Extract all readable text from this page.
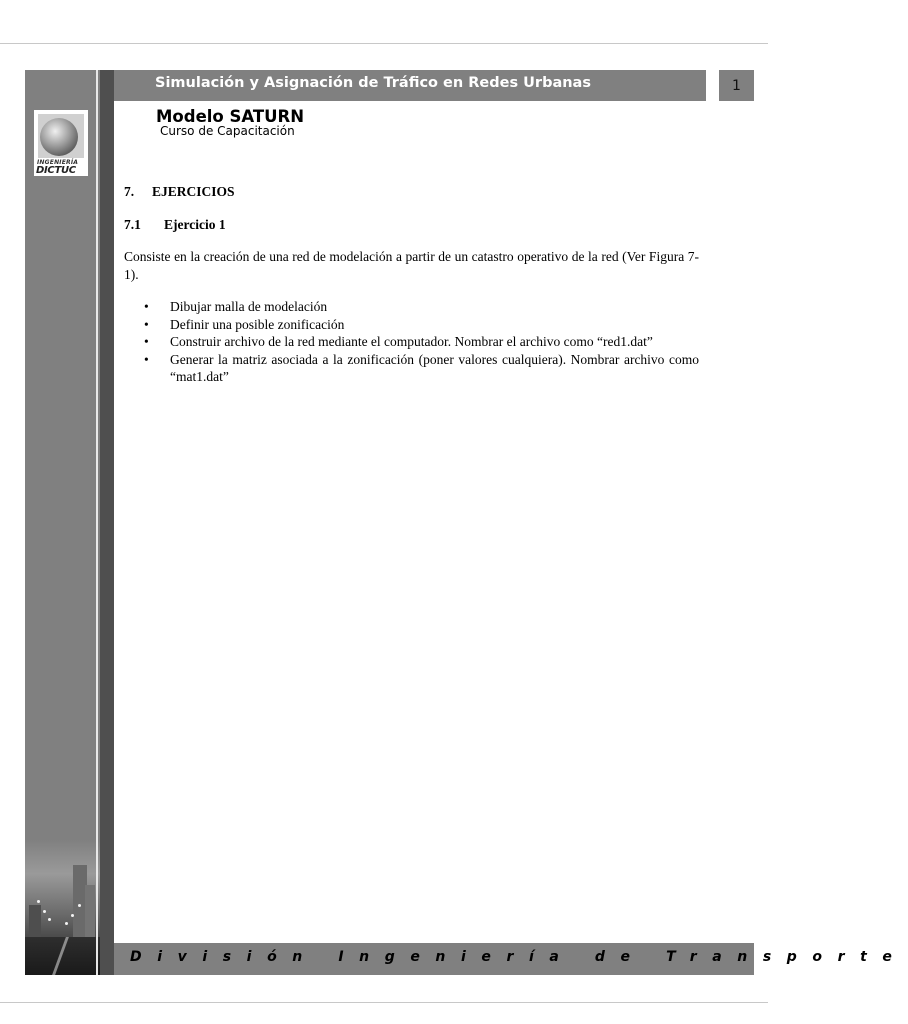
INGENIERÍA
DICTUC
Simulación y Asignación de Tráfico en Redes Urbanas	1
Modelo SATURN
Curso de Capacitación
7. EJERCICIOS
7.1 Ejercicio 1

Consiste en la creación de una red de modelación a partir de un catastro operativo de la red (Ver Figura 7-1).

• Dibujar malla de modelación
• Definir una posible zonificación
• Construir archivo de la red mediante el computador. Nombrar el archivo como “red1.dat”
• Generar la matriz asociada a la zonificación (poner valores cualquiera). Nombrar archivo como “mat1.dat”
División Ingeniería de Transporte
